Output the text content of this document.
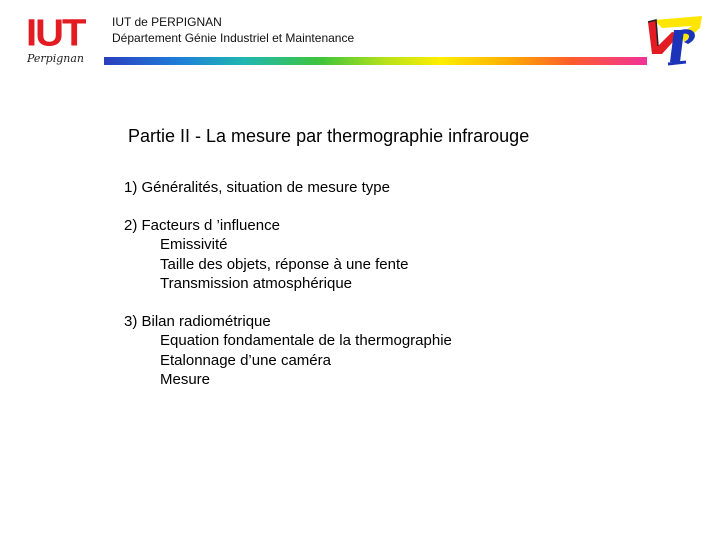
IUT
Perpignan
IUT de PERPIGNAN
Département Génie Industriel et Maintenance
Partie II - La mesure par thermographie infrarouge
1) Généralités, situation de mesure type
2) Facteurs d ’influence
Emissivité
Taille des objets, réponse à une fente
Transmission atmosphérique
3) Bilan radiométrique
Equation fondamentale de la thermographie
Etalonnage d’une caméra
Mesure
